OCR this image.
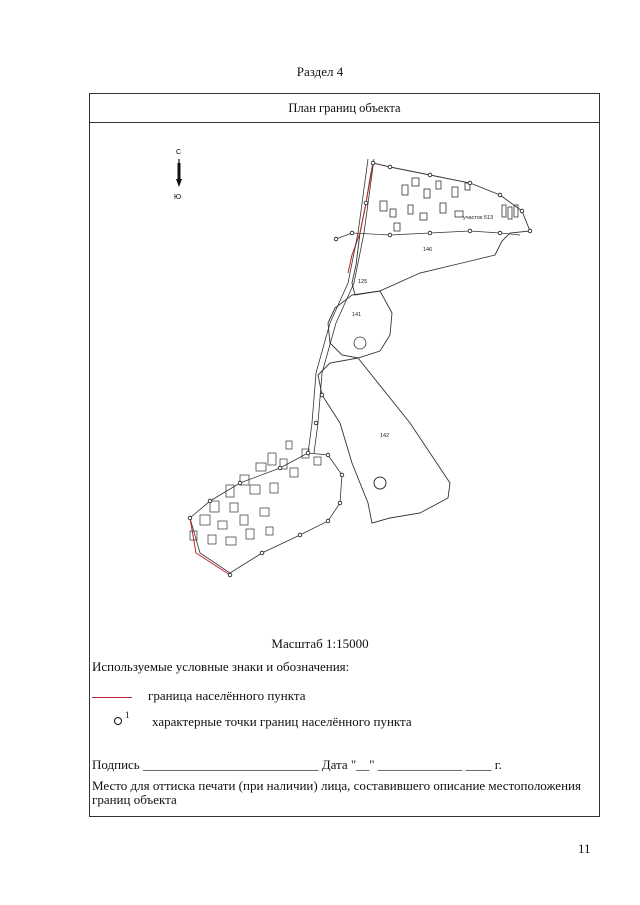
Раздел 4
План границ объекта
С
Ю
146
141
142
125
участок 513
Масштаб 1:15000
Используемые условные знаки и обозначения:
граница населённого пункта
1 характерные точки границ населённого пункта
Подпись ___________________________ Дата "__" _____________ ____ г.
Место для оттиска печати (при наличии) лица, составившего описание местоположения границ объекта
11
